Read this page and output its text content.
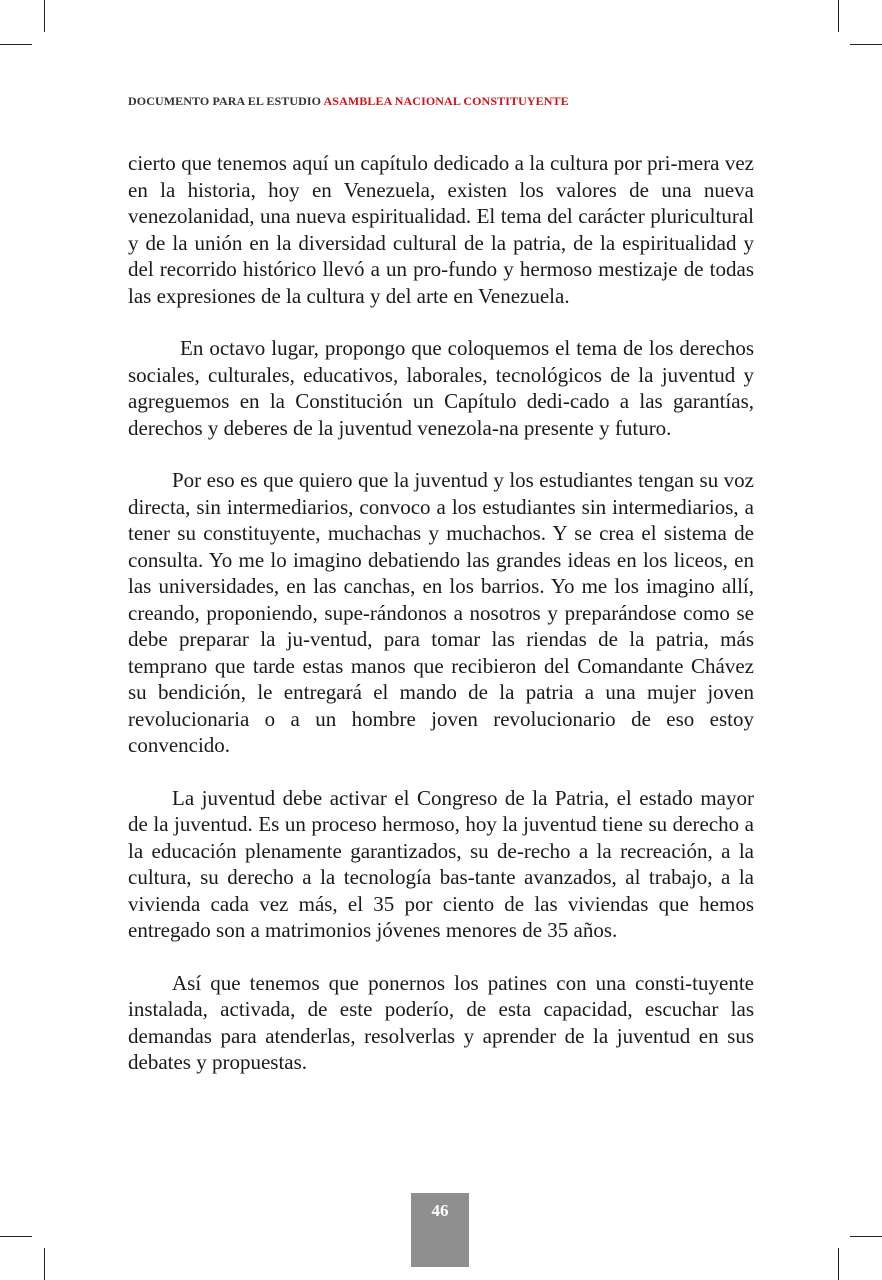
DOCUMENTO PARA EL ESTUDIO ASAMBLEA NACIONAL CONSTITUYENTE

cierto que tenemos aquí un capítulo dedicado a la cultura por pri-mera vez en la historia, hoy en Venezuela, existen los valores de una nueva venezolanidad, una nueva espiritualidad. El tema del carácter pluricultural y de la unión en la diversidad cultural de la patria, de la espiritualidad y del recorrido histórico llevó a un pro-fundo y hermoso mestizaje de todas las expresiones de la cultura y del arte en Venezuela.

En octavo lugar, propongo que coloquemos el tema de los derechos sociales, culturales, educativos, laborales, tecnológicos de la juventud y agreguemos en la Constitución un Capítulo dedi-cado a las garantías, derechos y deberes de la juventud venezola-na presente y futuro.

Por eso es que quiero que la juventud y los estudiantes tengan su voz directa, sin intermediarios, convoco a los estudiantes sin intermediarios, a tener su constituyente, muchachas y muchachos. Y se crea el sistema de consulta. Yo me lo imagino debatiendo las grandes ideas en los liceos, en las universidades, en las canchas, en los barrios. Yo me los imagino allí, creando, proponiendo, supe-rándonos a nosotros y preparándose como se debe preparar la ju-ventud, para tomar las riendas de la patria, más temprano que tarde estas manos que recibieron del Comandante Chávez su bendición, le entregará el mando de la patria a una mujer joven revolucionaria o a un hombre joven revolucionario de eso estoy convencido.

La juventud debe activar el Congreso de la Patria, el estado mayor de la juventud. Es un proceso hermoso, hoy la juventud tiene su derecho a la educación plenamente garantizados, su de-recho a la recreación, a la cultura, su derecho a la tecnología bas-tante avanzados, al trabajo, a la vivienda cada vez más, el 35 por ciento de las viviendas que hemos entregado son a matrimonios jóvenes menores de 35 años.

Así que tenemos que ponernos los patines con una consti-tuyente instalada, activada, de este poderío, de esta capacidad, escuchar las demandas para atenderlas, resolverlas y aprender de la juventud en sus debates y propuestas.

46
